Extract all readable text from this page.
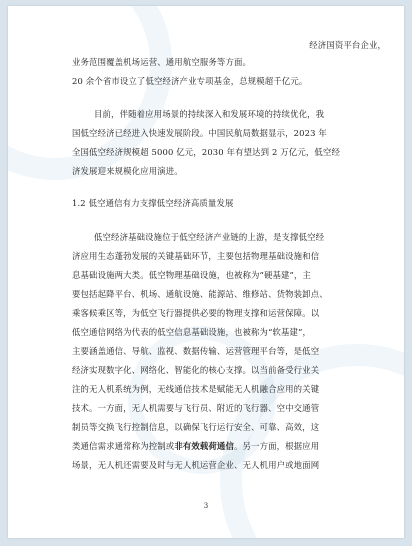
经济国资平台企业，
业务范围覆盖机场运营、通用航空服务等方面。
20 余个省市设立了低空经济产业专项基金，总规模超千亿元。
目前，伴随着应用场景的持续深入和发展环境的持续优化，我
国低空经济已经进入快速发展阶段。中国民航局数据显示，2023 年
全国低空经济规模超 5000 亿元，2030 年有望达到 2 万亿元，低空经
济发展迎来规模化应用演进。
1.2 低空通信有力支撑低空经济高质量发展
低空经济基础设施位于低空经济产业链的上游，是支撑低空经
济应用生态蓬勃发展的关键基础环节，主要包括物理基础设施和信
息基础设施两大类。低空物理基础设施，也被称为“硬基建”，主
要包括起降平台、机场、通航设施、能源站、维修站、货物装卸点、
乘客候乘区等，为低空飞行器提供必要的物理支撑和运营保障。以
低空通信网络为代表的低空信息基础设施，也被称为“软基建”，
主要涵盖通信、导航、监视、数据传输、运营管理平台等，是低空
经济实现数字化、网络化、智能化的核心支撑。以当前备受行业关
注的无人机系统为例，无线通信技术是赋能无人机融合应用的关键
技术。一方面，无人机需要与飞行员、附近的飞行器、空中交通管
制员等交换飞行控制信息，以确保飞行运行安全、可靠、高效，这
类通信需求通常称为控制或非有效载荷通信。另一方面，根据应用
场景，无人机还需要及时与无人机运营企业、无人机用户或地面网
3
